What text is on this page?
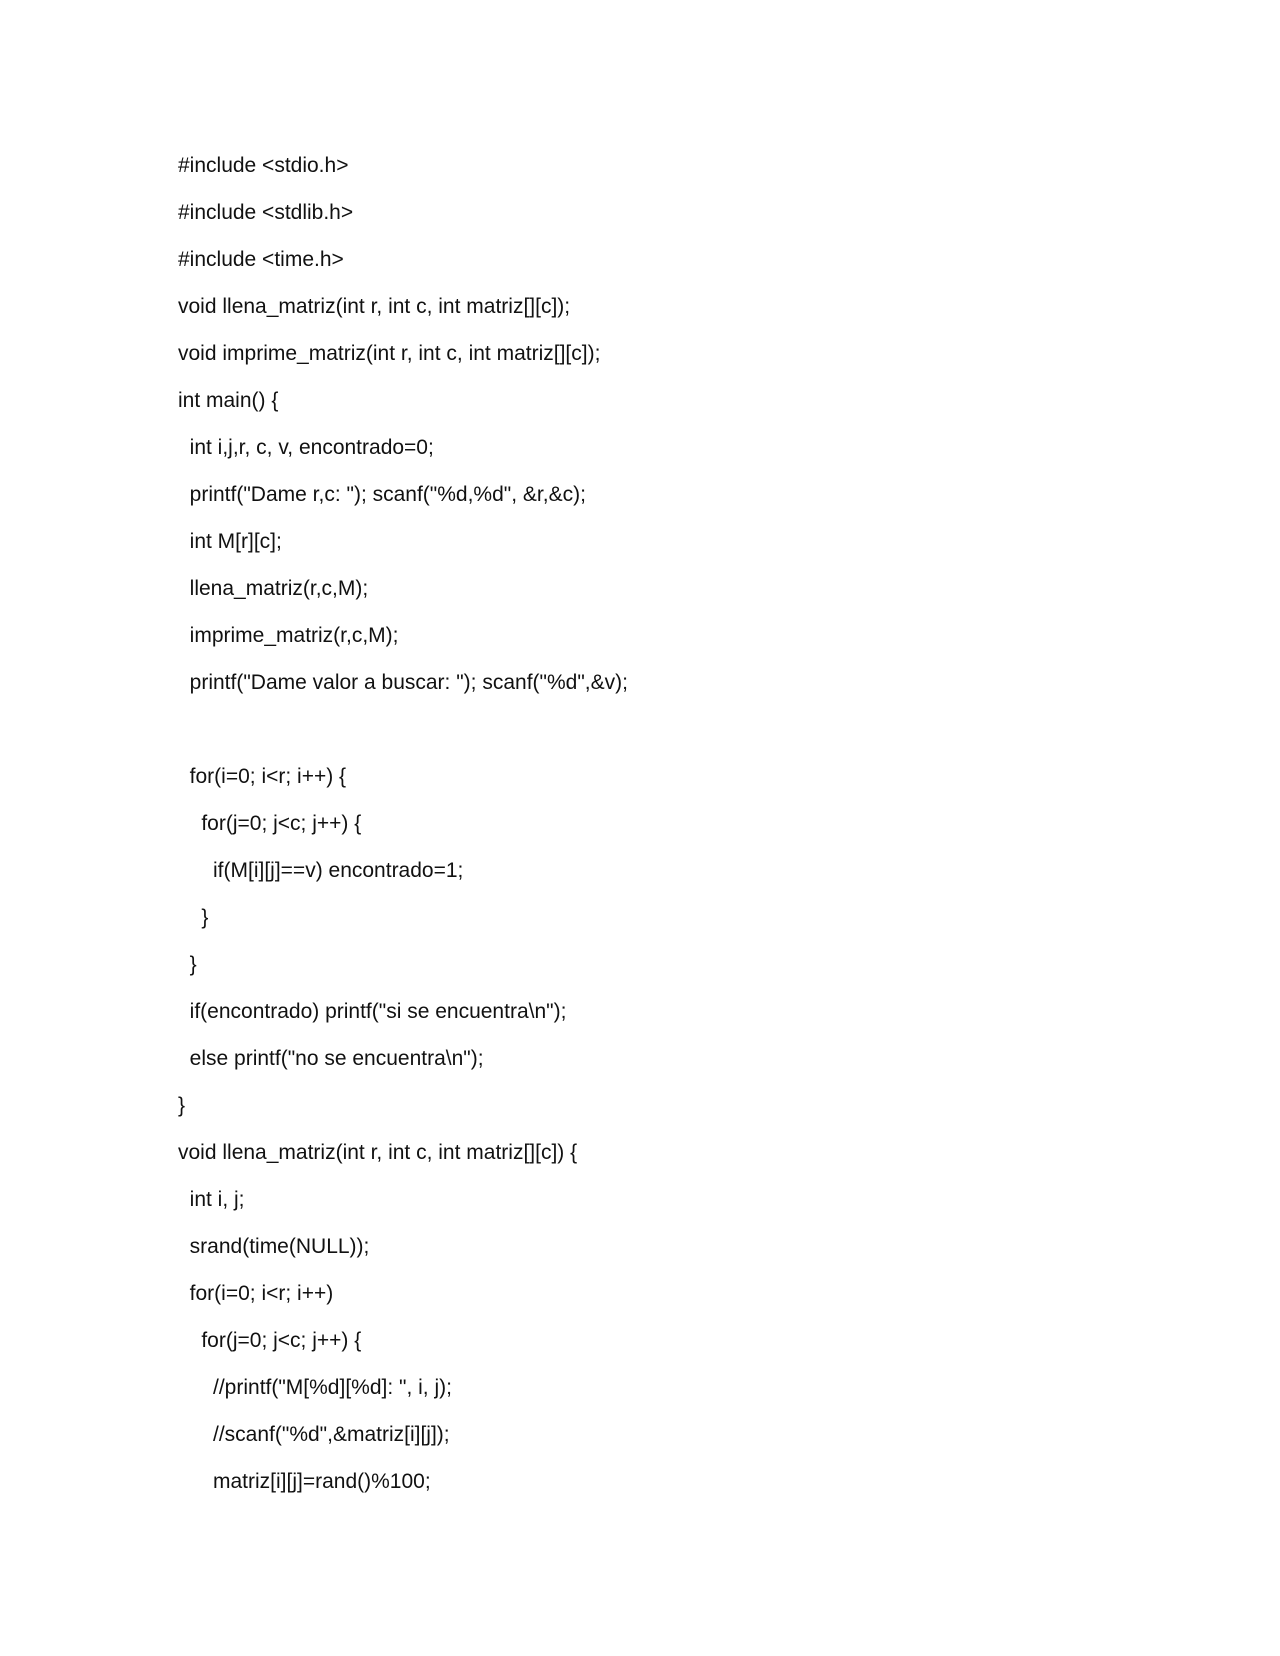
#include <stdio.h>
#include <stdlib.h>
#include <time.h>
void llena_matriz(int r, int c, int matriz[][c]);
void imprime_matriz(int r, int c, int matriz[][c]);
int main() {
int i,j,r, c, v, encontrado=0;
printf("Dame r,c: "); scanf("%d,%d", &r,&c);
int M[r][c];
llena_matriz(r,c,M);
imprime_matriz(r,c,M);
printf("Dame valor a buscar: "); scanf("%d",&v);
for(i=0; i<r; i++) {
for(j=0; j<c; j++) {
if(M[i][j]==v) encontrado=1;
}
}
if(encontrado) printf("si se encuentra\n");
else printf("no se encuentra\n");
}
void llena_matriz(int r, int c, int matriz[][c]) {
int i, j;
srand(time(NULL));
for(i=0; i<r; i++)
for(j=0; j<c; j++) {
//printf("M[%d][%d]: ", i, j);
//scanf("%d",&matriz[i][j]);
matriz[i][j]=rand()%100;
